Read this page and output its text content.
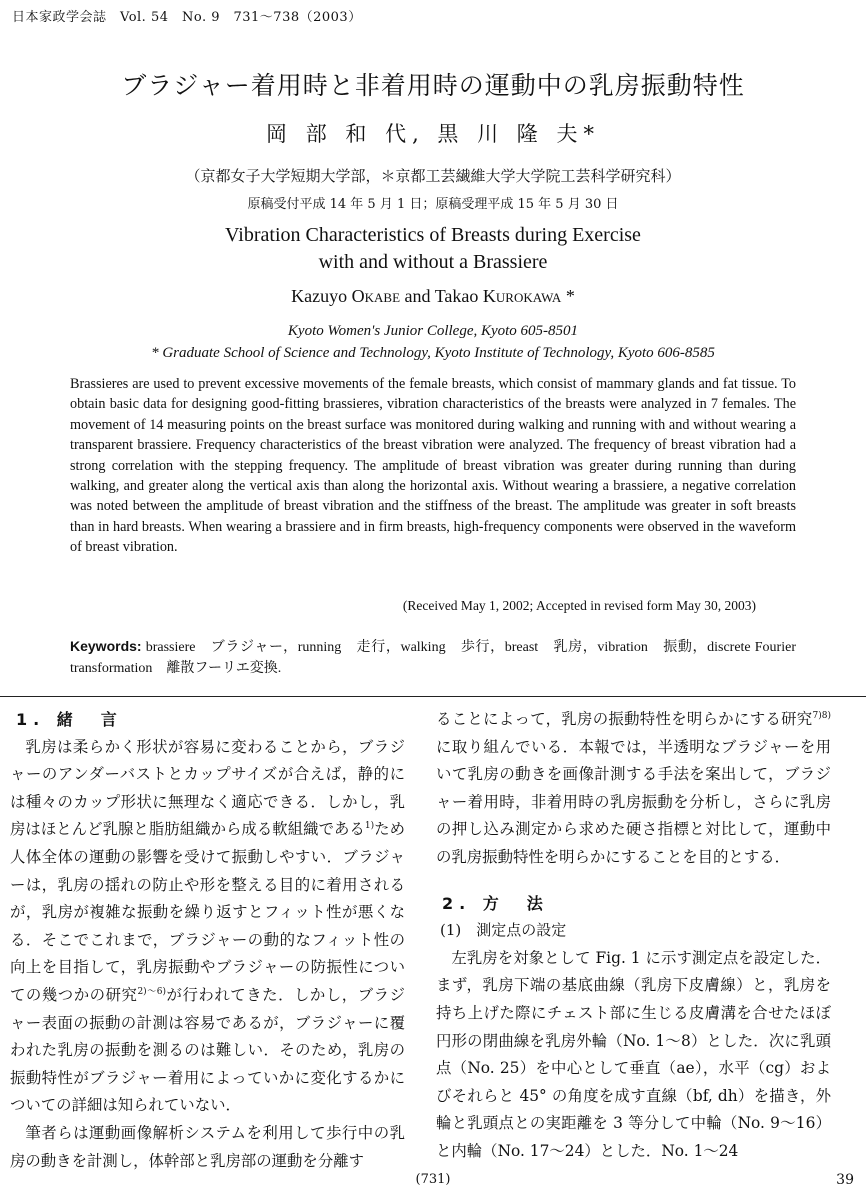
日本家政学会誌　Vol. 54　No. 9　731～738（2003）
ブラジャー着用時と非着用時の運動中の乳房振動特性
岡 部 和 代, 黒 川 隆 夫*
（京都女子大学短期大学部，＊京都工芸繊維大学大学院工芸科学研究科）
原稿受付平成 14 年 5 月 1 日；原稿受理平成 15 年 5 月 30 日
Vibration Characteristics of Breasts during Exercise
with and without a Brassiere
Kazuyo Okabe and Takao Kurokawa *
Kyoto Women's Junior College, Kyoto 605-8501
* Graduate School of Science and Technology, Kyoto Institute of Technology, Kyoto 606-8585
Brassieres are used to prevent excessive movements of the female breasts, which consist of mammary glands and fat tissue. To obtain basic data for designing good-fitting brassieres, vibration characteristics of the breasts were analyzed in 7 females. The movement of 14 measuring points on the breast surface was monitored during walking and running with and without wearing a transparent brassiere. Frequency characteristics of the breast vibration were analyzed. The frequency of breast vibration had a strong correlation with the stepping frequency. The amplitude of breast vibration was greater during running than during walking, and greater along the vertical axis than along the horizontal axis. Without wearing a brassiere, a negative correlation was noted between the amplitude of breast vibration and the stiffness of the breast. The amplitude was greater in soft breasts than in hard breasts. When wearing a brassiere and in firm breasts, high-frequency components were observed in the waveform of breast vibration.
(Received May 1, 2002; Accepted in revised form May 30, 2003)
Keywords: brassiere　ブラジャー，running　走行，walking　歩行，breast　乳房，vibration　振動，discrete Fourier transformation　離散フーリエ変換.
1. 緒　言

乳房は柔らかく形状が容易に変わることから，ブラジャーのアンダーバストとカップサイズが合えば，静的には種々のカップ形状に無理なく適応できる．しかし，乳房はほとんど乳腺と脂肪組織から成る軟組織である$^{1)}$ため人体全体の運動の影響を受けて振動しやすい．ブラジャーは，乳房の揺れの防止や形を整える目的に着用されるが，乳房が複雑な振動を繰り返すとフィット性が悪くなる．そこでこれまで，ブラジャーの動的なフィット性の向上を目指して，乳房振動やブラジャーの防振性についての幾つかの研究$^{2)\sim 6)}$が行われてきた．しかし，ブラジャー表面の振動の計測は容易であるが，ブラジャーに覆われた乳房の振動を測るのは難しい．そのため，乳房の振動特性がブラジャー着用によっていかに変化するかについての詳細は知られていない．

筆者らは運動画像解析システムを利用して歩行中の乳房の動きを計測し，体幹部と乳房部の運動を分離す

ることによって，乳房の振動特性を明らかにする研究$^{7)8)}$に取り組んでいる．本報では，半透明なブラジャーを用いて乳房の動きを画像計測する手法を案出して，ブラジャー着用時，非着用時の乳房振動を分析し，さらに乳房の押し込み測定から求めた硬さ指標と対比して，運動中の乳房振動特性を明らかにすることを目的とする．

2. 方　法
(1)　測定点の設定

左乳房を対象として Fig. 1 に示す測定点を設定した．まず，乳房下端の基底曲線（乳房下皮膚線）と，乳房を持ち上げた際にチェスト部に生じる皮膚溝を合せたほぼ円形の閉曲線を乳房外輪（No. 1～8）とした．次に乳頭点（No. 25）を中心として垂直（ae），水平（cg）およびそれらと 45° の角度を成す直線（bf, dh）を描き，外輪と乳頭点との実距離を 3 等分して中輪（No. 9～16）と内輪（No. 17～24）とした．No. 1～24

(731)	39
